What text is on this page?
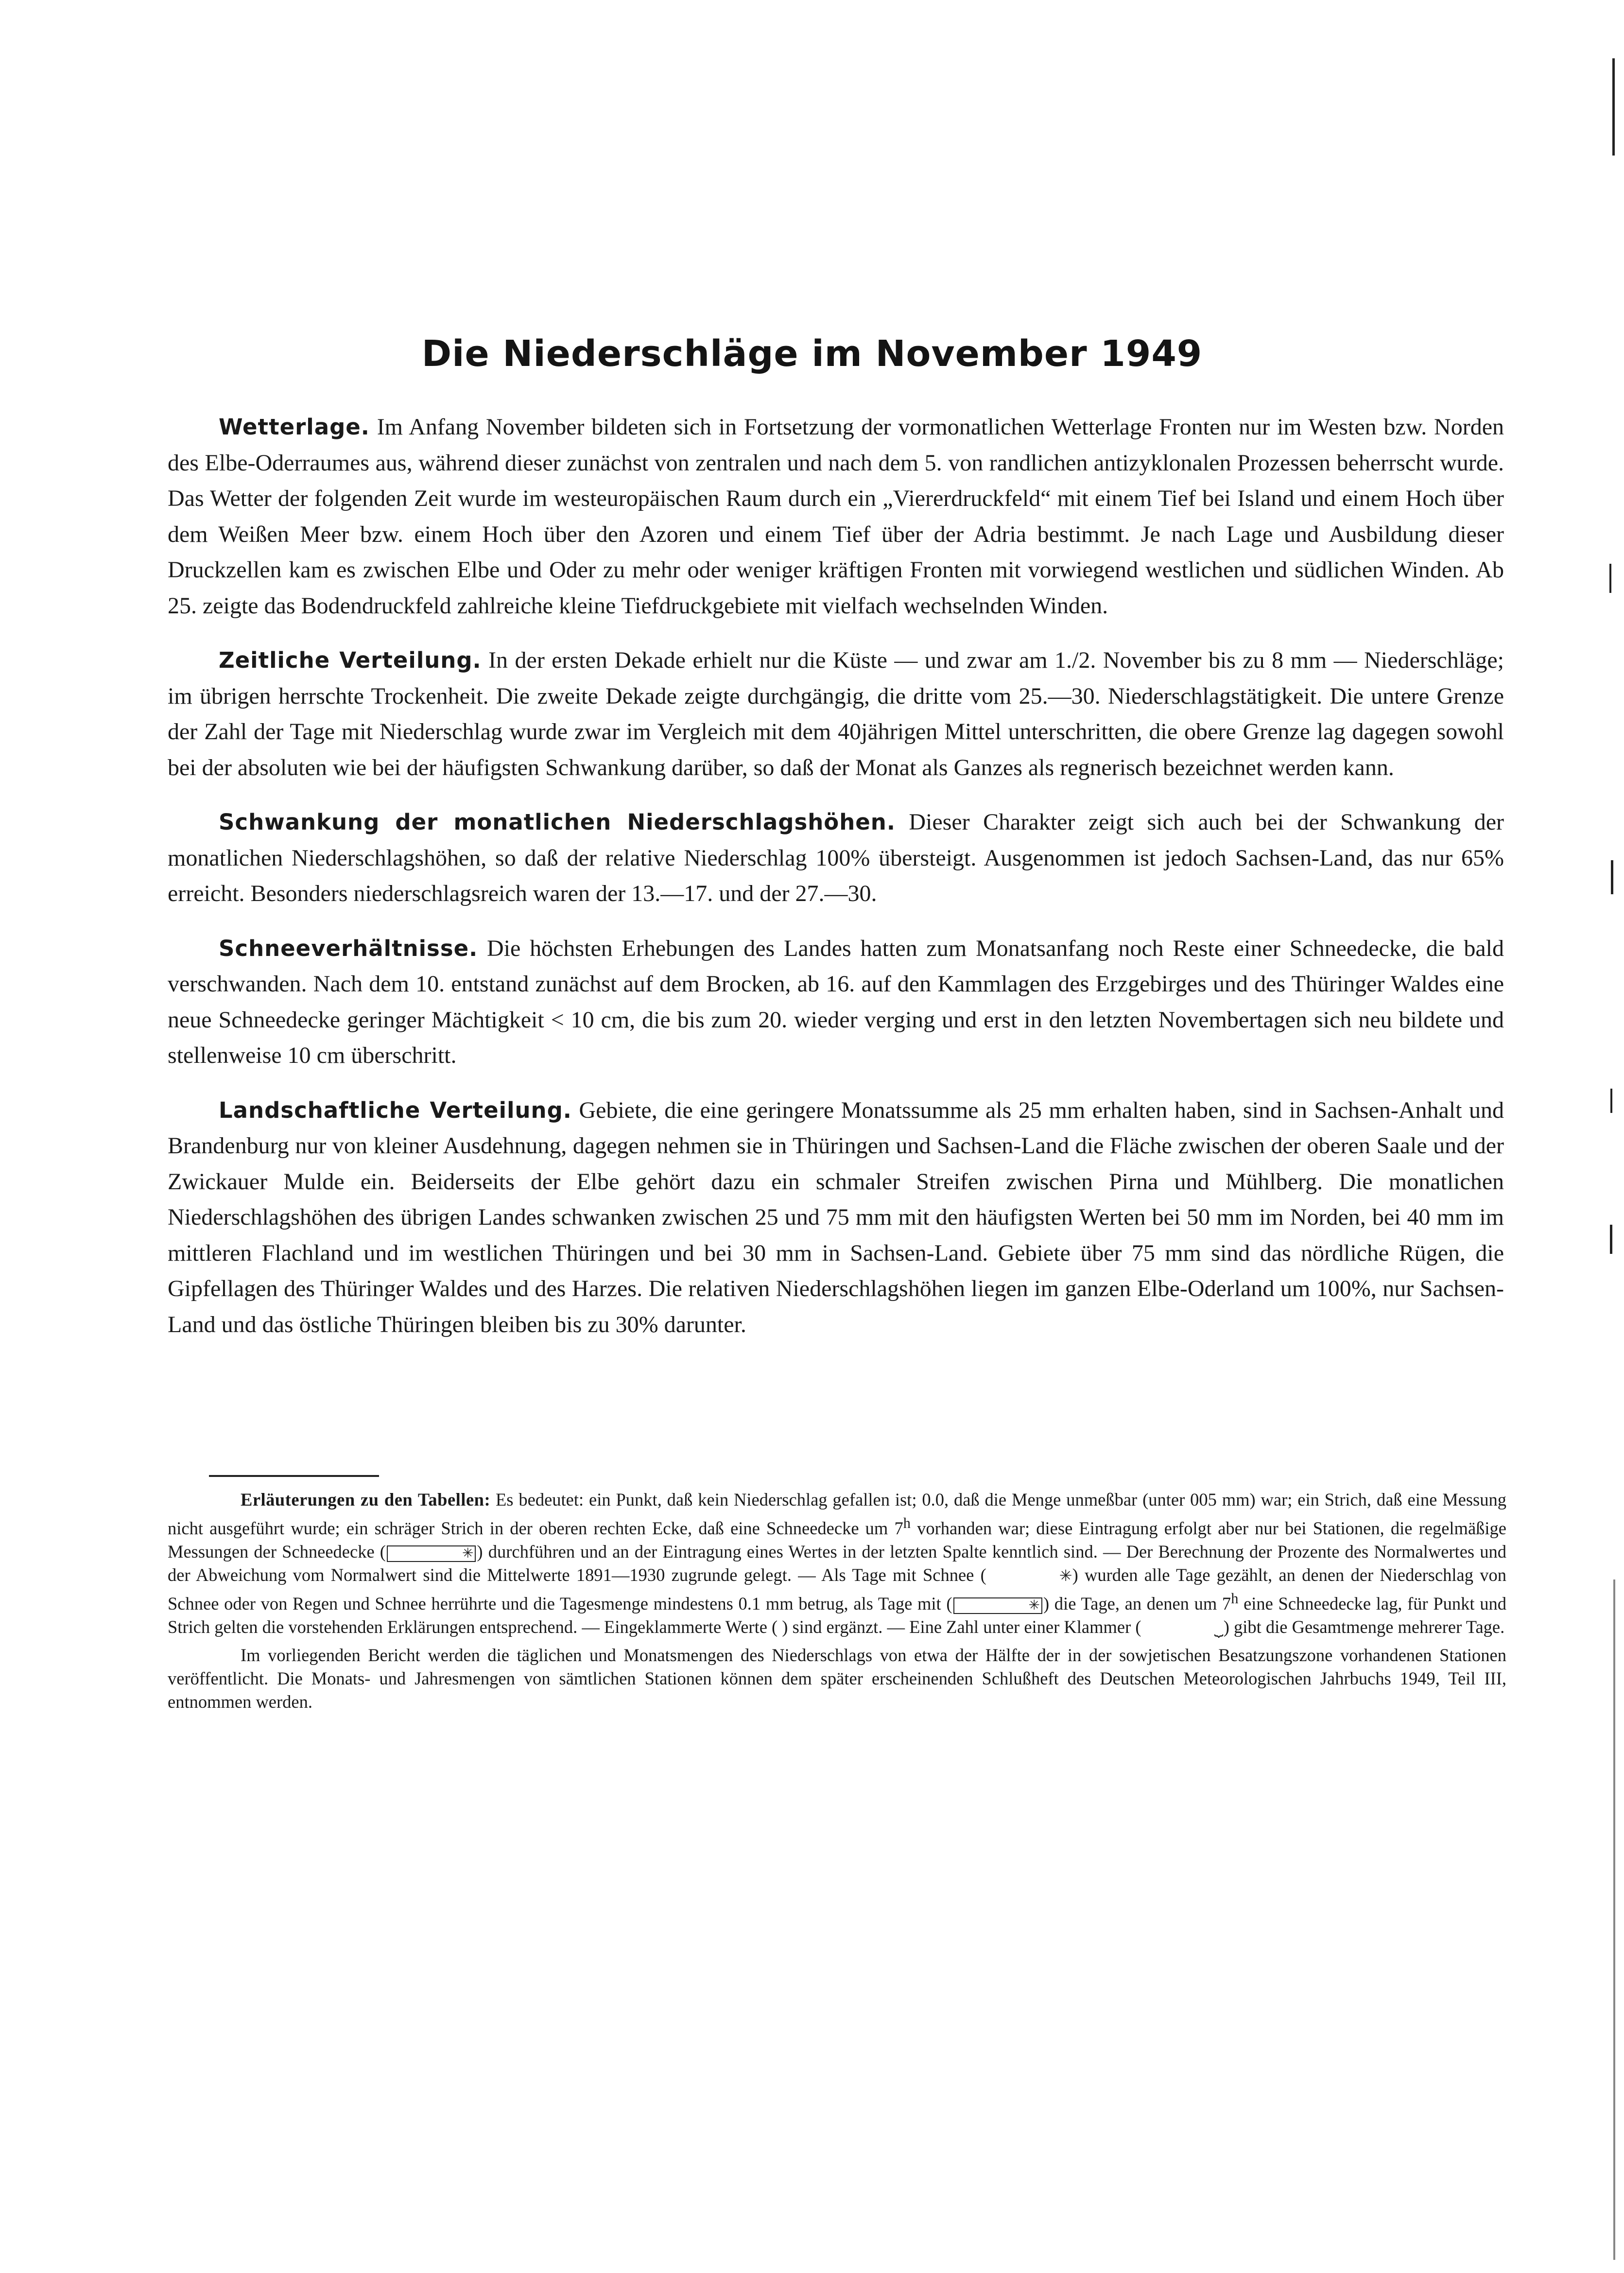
Die Niederschläge im November 1949

Wetterlage. Im Anfang November bildeten sich in Fortsetzung der vormonatlichen Wetterlage Fronten nur im Westen bzw. Norden des Elbe-Oderraumes aus, während dieser zunächst von zentralen und nach dem 5. von randlichen antizyklonalen Prozessen beherrscht wurde. Das Wetter der folgenden Zeit wurde im westeuropäischen Raum durch ein „Viererdruckfeld“ mit einem Tief bei Island und einem Hoch über dem Weißen Meer bzw. einem Hoch über den Azoren und einem Tief über der Adria bestimmt. Je nach Lage und Ausbildung dieser Druckzellen kam es zwischen Elbe und Oder zu mehr oder weniger kräftigen Fronten mit vorwiegend westlichen und südlichen Winden. Ab 25. zeigte das Bodendruckfeld zahlreiche kleine Tiefdruckgebiete mit vielfach wechselnden Winden.

Zeitliche Verteilung. In der ersten Dekade erhielt nur die Küste — und zwar am 1./2. November bis zu 8 mm — Niederschläge; im übrigen herrschte Trockenheit. Die zweite Dekade zeigte durchgängig, die dritte vom 25.—30. Niederschlagstätigkeit. Die untere Grenze der Zahl der Tage mit Niederschlag wurde zwar im Vergleich mit dem 40jährigen Mittel unterschritten, die obere Grenze lag dagegen sowohl bei der absoluten wie bei der häufigsten Schwankung darüber, so daß der Monat als Ganzes als regnerisch bezeichnet werden kann.

Schwankung der monatlichen Niederschlagshöhen. Dieser Charakter zeigt sich auch bei der Schwankung der monatlichen Niederschlagshöhen, so daß der relative Niederschlag 100% übersteigt. Ausgenommen ist jedoch Sachsen-Land, das nur 65% erreicht. Besonders niederschlagsreich waren der 13.—17. und der 27.—30.

Schneeverhältnisse. Die höchsten Erhebungen des Landes hatten zum Monatsanfang noch Reste einer Schneedecke, die bald verschwanden. Nach dem 10. entstand zunächst auf dem Brocken, ab 16. auf den Kammlagen des Erzgebirges und des Thüringer Waldes eine neue Schneedecke geringer Mächtigkeit < 10 cm, die bis zum 20. wieder verging und erst in den letzten Novembertagen sich neu bildete und stellenweise 10 cm überschritt.

Landschaftliche Verteilung. Gebiete, die eine geringere Monatssumme als 25 mm erhalten haben, sind in Sachsen-Anhalt und Brandenburg nur von kleiner Ausdehnung, dagegen nehmen sie in Thüringen und Sachsen-Land die Fläche zwischen der oberen Saale und der Zwickauer Mulde ein. Beiderseits der Elbe gehört dazu ein schmaler Streifen zwischen Pirna und Mühlberg. Die monatlichen Niederschlagshöhen des übrigen Landes schwanken zwischen 25 und 75 mm mit den häufigsten Werten bei 50 mm im Norden, bei 40 mm im mittleren Flachland und im westlichen Thüringen und bei 30 mm in Sachsen-Land. Gebiete über 75 mm sind das nördliche Rügen, die Gipfellagen des Thüringer Waldes und des Harzes. Die relativen Niederschlagshöhen liegen im ganzen Elbe-Oderland um 100%, nur Sachsen-Land und das östliche Thüringen bleiben bis zu 30% darunter.

Erläuterungen zu den Tabellen: Es bedeutet: ein Punkt, daß kein Niederschlag gefallen ist; 0.0, daß die Menge unmeßbar (unter 005 mm) war; ein Strich, daß eine Messung nicht ausgeführt wurde; ein schräger Strich in der oberen rechten Ecke, daß eine Schneedecke um 7$^h$ vorhanden war; diese Eintragung erfolgt aber nur bei Stationen, die regelmäßige Messungen der Schneedecke (	✳ ) durchführen und an der Eintragung eines Wertes in der letzten Spalte kenntlich sind. — Der Berechnung der Prozente des Normalwertes und der Abweichung vom Normalwert sind die Mittelwerte 1891—1930 zugrunde gelegt. — Als Tage mit Schnee (	✳) wurden alle Tage gezählt, an denen der Niederschlag von Schnee oder von Regen und Schnee herrührte und die Tagesmenge mindestens 0.1 mm betrug, als Tage mit (	✳ ) die Tage, an denen um 7$^h$ eine Schneedecke lag, für Punkt und Strich gelten die vorstehenden Erklärungen entsprechend. — Eingeklammerte Werte ( ) sind ergänzt. — Eine Zahl unter einer Klammer (	⏟) gibt die Gesamtmenge mehrerer Tage.

Im vorliegenden Bericht werden die täglichen und Monatsmengen des Niederschlags von etwa der Hälfte der in der sowjetischen Besatzungszone vorhandenen Stationen veröffentlicht. Die Monats- und Jahresmengen von sämtlichen Stationen können dem später erscheinenden Schlußheft des Deutschen Meteorologischen Jahrbuchs 1949, Teil III, entnommen werden.
